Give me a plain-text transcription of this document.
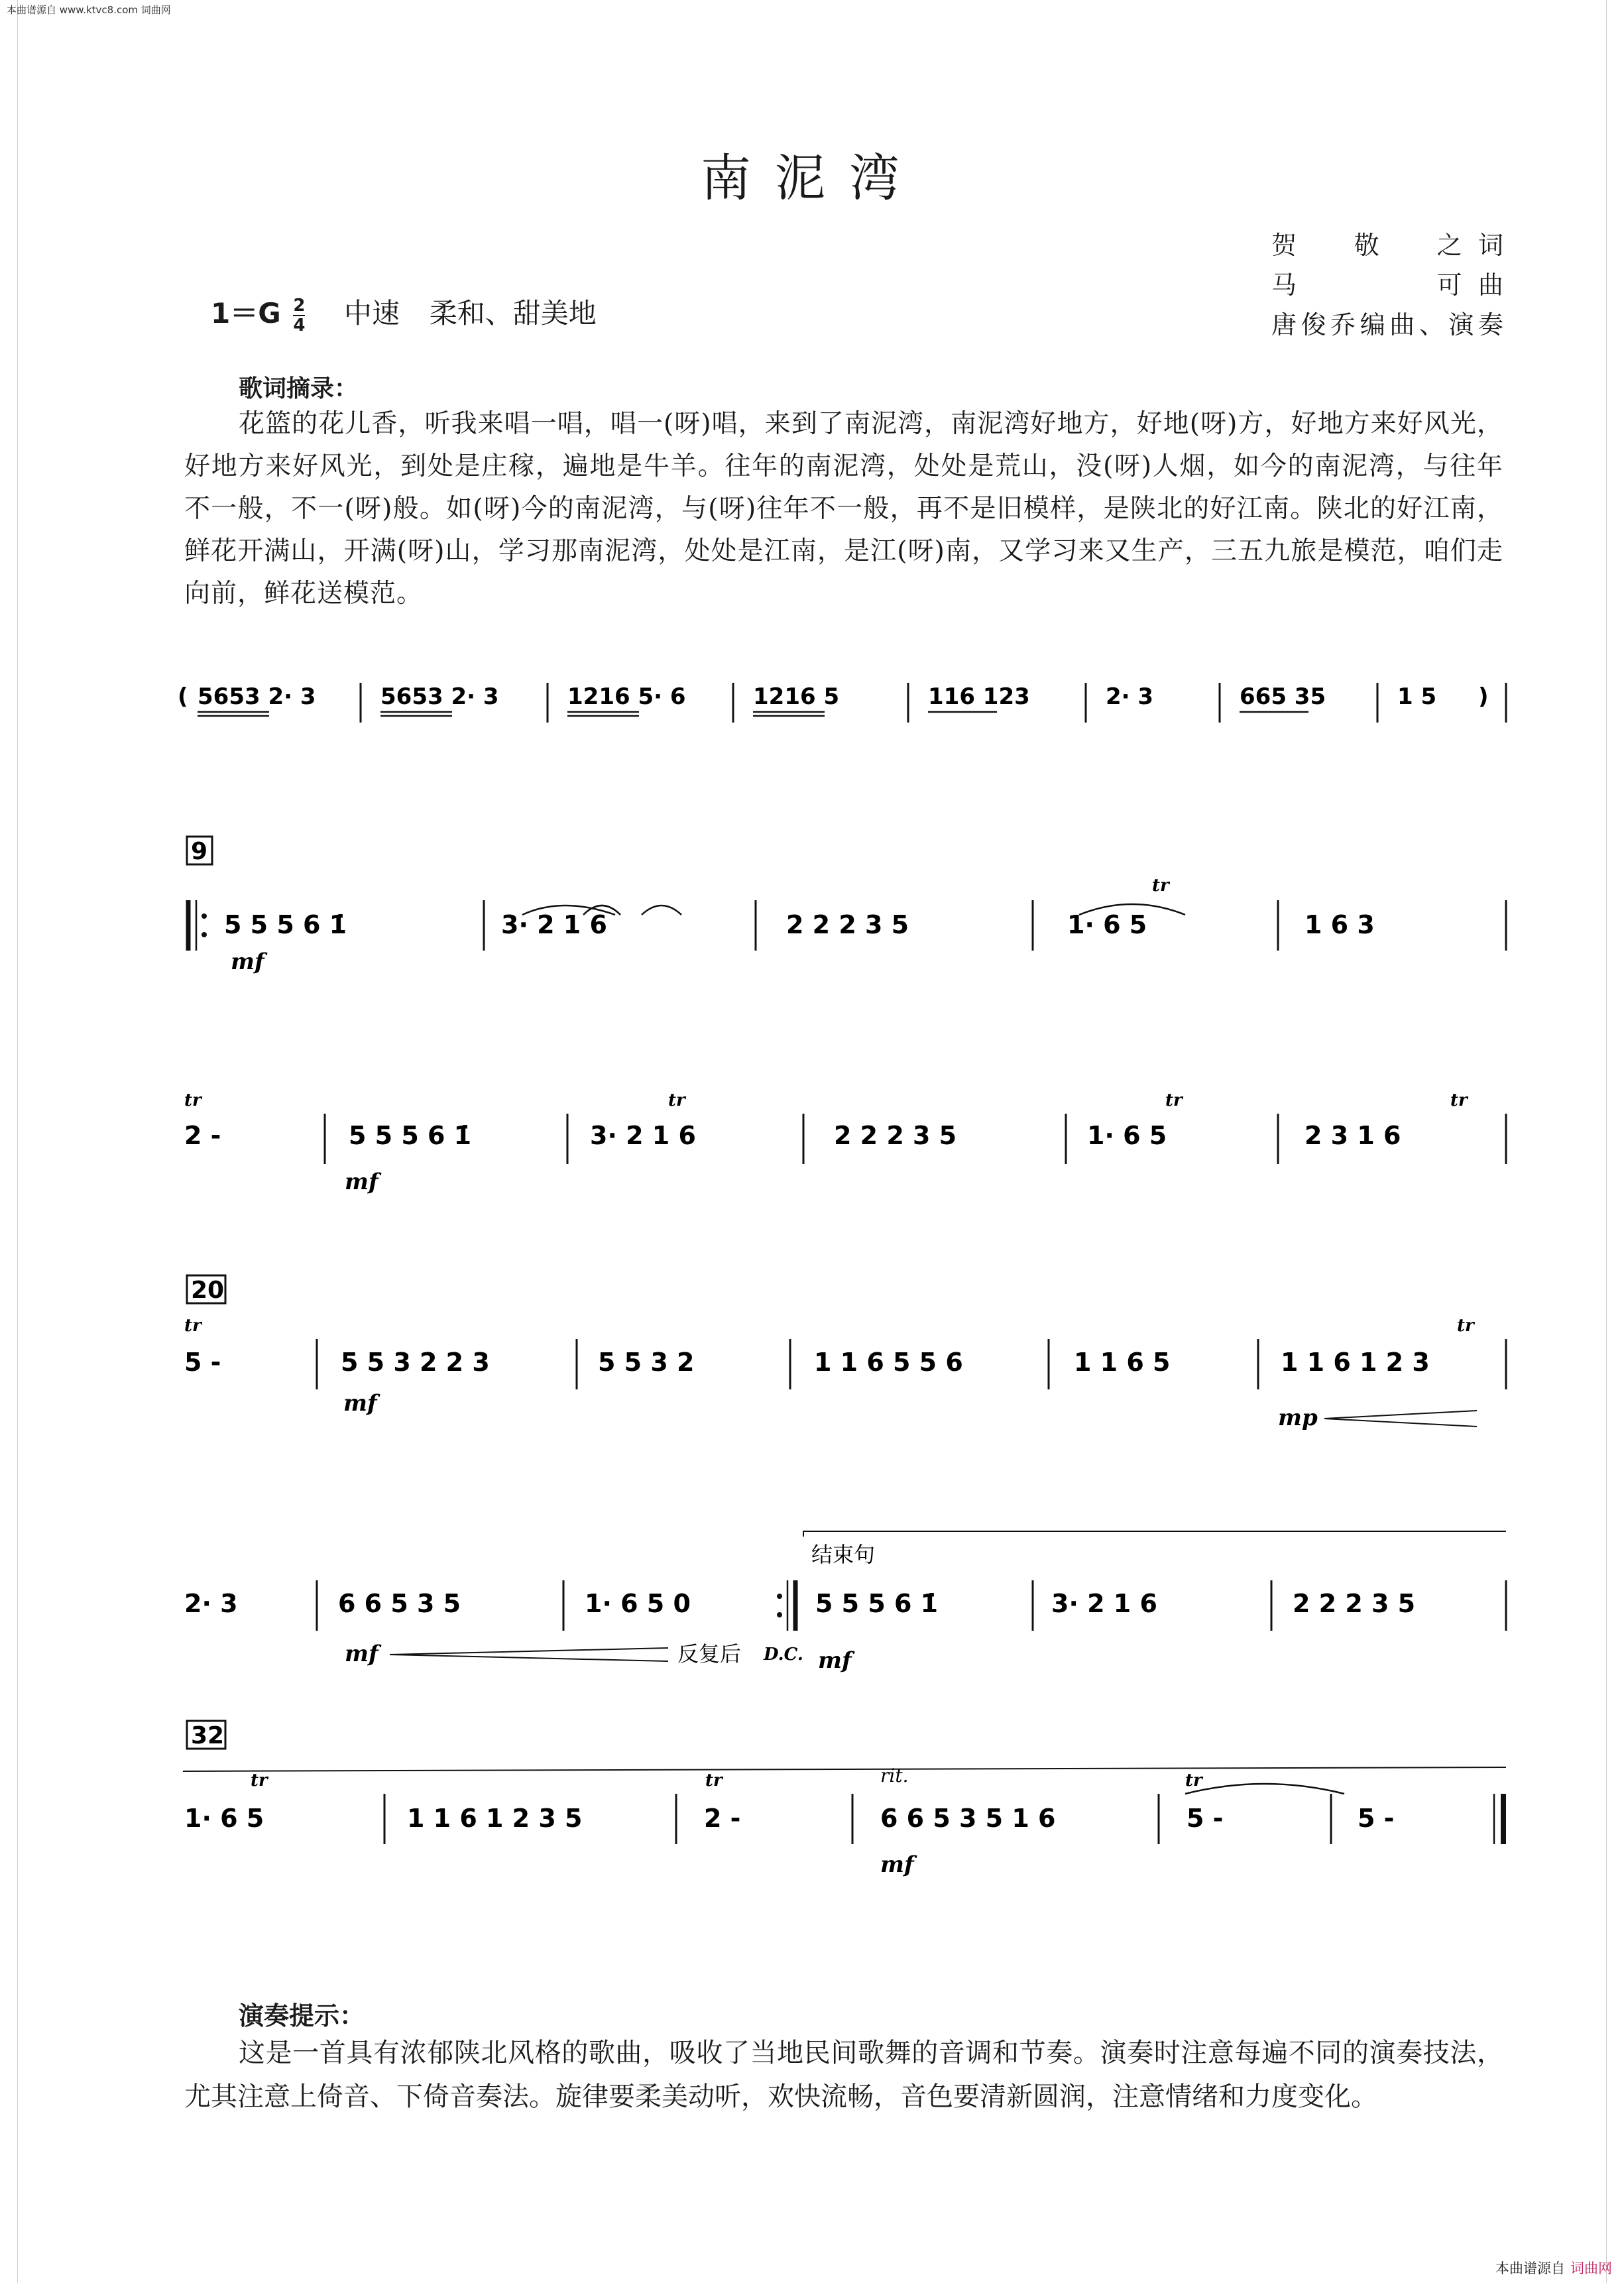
本曲谱源自 www.ktvc8.com 词曲网
南泥湾
贺　敬　之词
马　　　可曲
唐俊乔编曲、演奏
$1=G \frac{2}{4}$ 中速 柔和、甜美地
歌词摘录：
花篮的花儿香，听我来唱一唱，唱一(呀)唱，来到了南泥湾，南泥湾好地方，好地(呀)方，好地方来好风光，好地方来好风光，到处是庄稼，遍地是牛羊。往年的南泥湾，处处是荒山，没(呀)人烟，如今的南泥湾，与往年不一般，不一(呀)般。如(呀)今的南泥湾，与(呀)往年不一般，再不是旧模样，是陕北的好江南。陕北的好江南，鲜花开满山，开满(呀)山，学习那南泥湾，处处是江南，是江(呀)南，又学习来又生产，三五九旅是模范，咱们走向前，鲜花送模范。
( 5653 2· 3	5653 2· 3	1216 5· 6	1216 5	116 123	2· 3	665 35	1 5 )
9
5 5 5 6 1̇	3· 2 1 6	2 2 2 3 5	1· 6 5	1 6 3
tr
mf
2 -	5 5 5 6 1̇	3· 2 1 6	2 2 2 3 5	1· 6 5	2 3 1 6
tr	tr	tr	tr
mf
20
tr
5 -	5 5 3 2 2 3	5 5 3 2	1 1 6 5 5 6	1 1 6 5	1 1 6 1 2 3
tr
mf
mp
结束句
2· 3	6 6 5 3 5	1· 6 5 0	5 5 5 6 1̇	3· 2 1 6	2 2 2 3 5
mf	反复后 D.C. mf
32
tr	tr	rit.	tr
1· 6 5	1 1 6 1 2 3 5	2 -	6 6 5 3 5 1 6	5 -	5 -
mf
演奏提示：
这是一首具有浓郁陕北风格的歌曲，吸收了当地民间歌舞的音调和节奏。演奏时注意每遍不同的演奏技法，尤其注意上倚音、下倚音奏法。旋律要柔美动听，欢快流畅，音色要清新圆润，注意情绪和力度变化。
本曲谱源自 词曲网
